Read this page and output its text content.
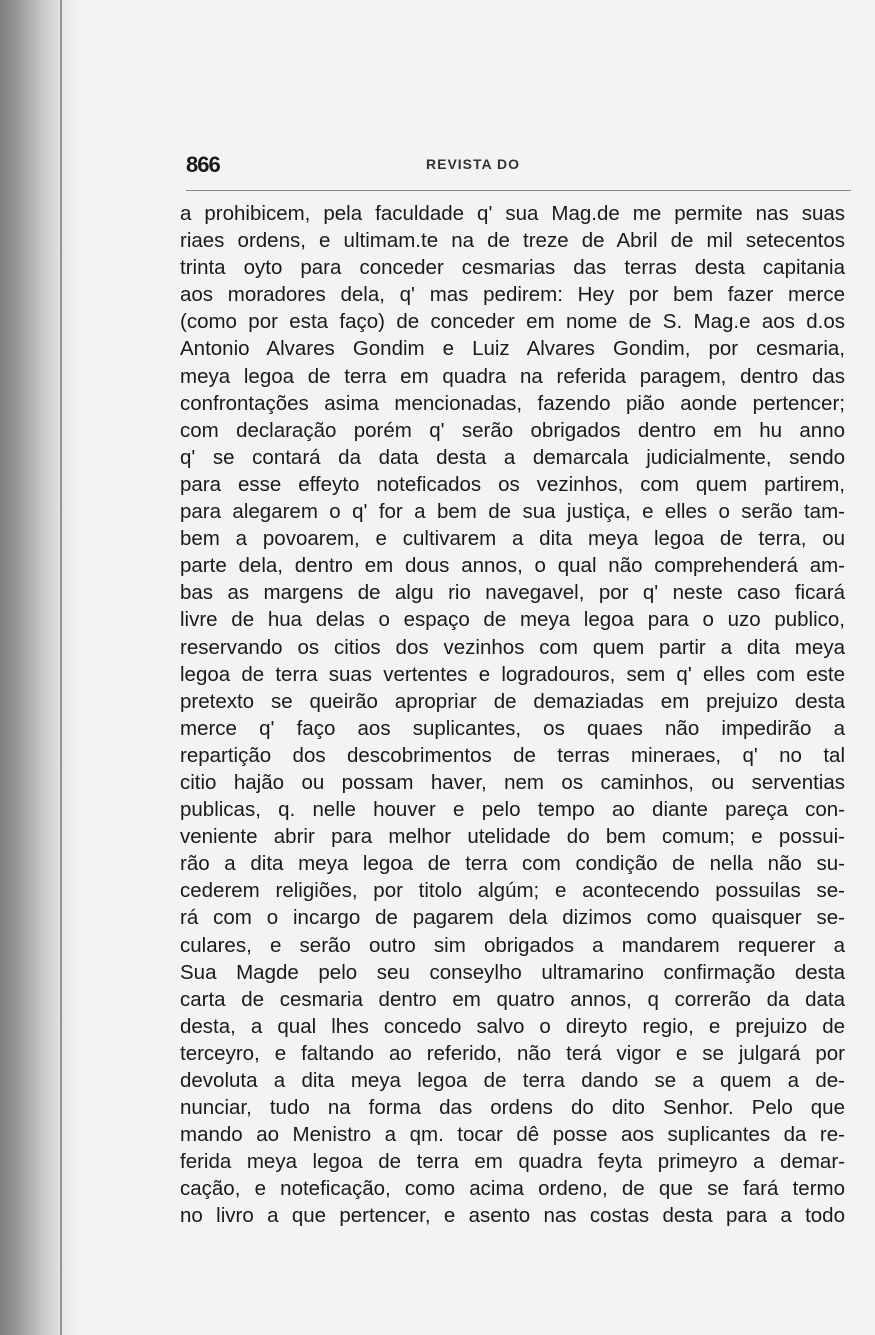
866	REVISTA DO
a prohibicem, pela faculdade q' sua Mag.de me permite nas suas
riaes ordens, e ultimam.te na de treze de Abril de mil setecentos
trinta oyto para conceder cesmarias das terras desta capitania
aos moradores dela, q' mas pedirem: Hey por bem fazer merce
(como por esta faço) de conceder em nome de S. Mag.e aos d.os
Antonio Alvares Gondim e Luiz Alvares Gondim, por cesmaria,
meya legoa de terra em quadra na referida paragem, dentro das
confrontações asima mencionadas, fazendo pião aonde pertencer;
com declaração porém q' serão obrigados dentro em hu anno
q' se contará da data desta a demarcala judicialmente, sendo
para esse effeyto noteficados os vezinhos, com quem partirem,
para alegarem o q' for a bem de sua justiça, e elles o serão tam-
bem a povoarem, e cultivarem a dita meya legoa de terra, ou
parte dela, dentro em dous annos, o qual não comprehenderá am-
bas as margens de algu rio navegavel, por q' neste caso ficará
livre de hua delas o espaço de meya legoa para o uzo publico,
reservando os citios dos vezinhos com quem partir a dita meya
legoa de terra suas vertentes e logradouros, sem q' elles com este
pretexto se queirão apropriar de demaziadas em prejuizo desta
merce q' faço aos suplicantes, os quaes não impedirão a
repartição dos descobrimentos de terras mineraes, q' no tal
citio hajão ou possam haver, nem os caminhos, ou serventias
publicas, q. nelle houver e pelo tempo ao diante pareça con-
veniente abrir para melhor utelidade do bem comum; e possui-
rão a dita meya legoa de terra com condição de nella não su-
cederem religiões, por titolo algúm; e acontecendo possuilas se-
rá com o incargo de pagarem dela dizimos como quaisquer se-
culares, e serão outro sim obrigados a mandarem requerer a
Sua Magde pelo seu conseylho ultramarino confirmação desta
carta de cesmaria dentro em quatro annos, q correrão da data
desta, a qual lhes concedo salvo o direyto regio, e prejuizo de
terceyro, e faltando ao referido, não terá vigor e se julgará por
devoluta a dita meya legoa de terra dando se a quem a de-
nunciar, tudo na forma das ordens do dito Senhor. Pelo que
mando ao Menistro a qm. tocar dê posse aos suplicantes da re-
ferida meya legoa de terra em quadra feyta primeyro a demar-
cação, e noteficação, como acima ordeno, de que se fará termo
no livro a que pertencer, e asento nas costas desta para a todo
